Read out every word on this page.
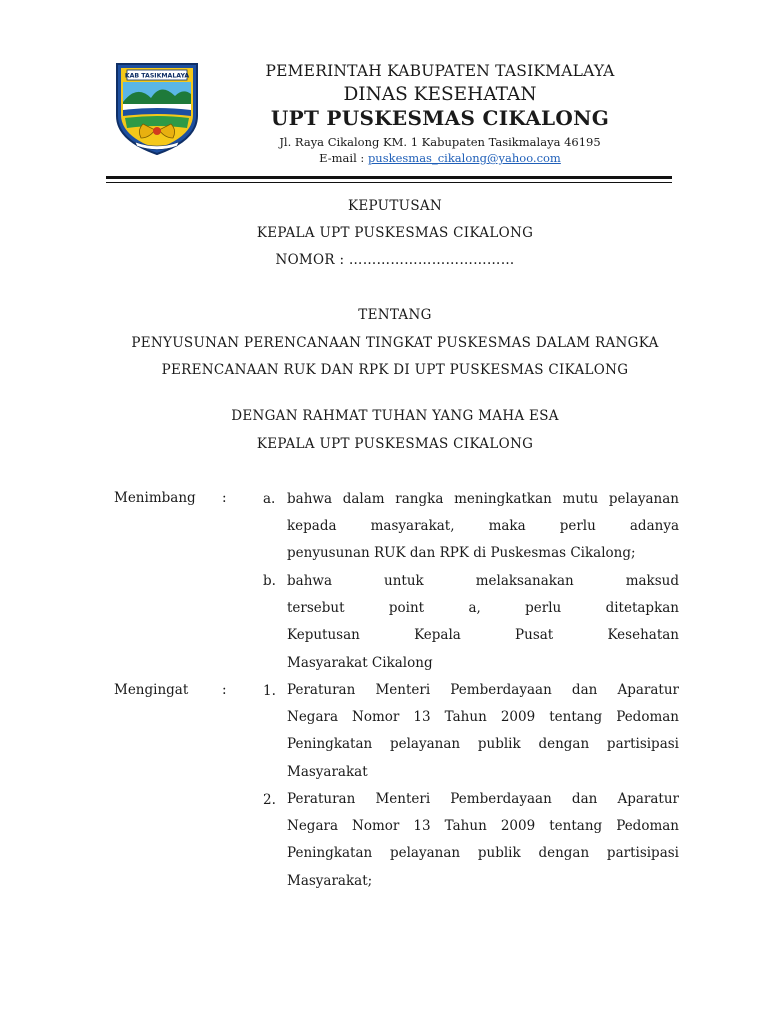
KAB TASIKMALAYA	PEMERINTAH KABUPATEN TASIKMALAYA
DINAS KESEHATAN
UPT PUSKESMAS CIKALONG
Jl. Raya Cikalong KM. 1 Kabupaten Tasikmalaya 46195
E-mail : puskesmas_cikalong@yahoo.com
KEPUTUSAN
KEPALA UPT PUSKESMAS CIKALONG
NOMOR : ………………………………
TENTANG
PENYUSUNAN PERENCANAAN TINGKAT PUSKESMAS DALAM RANGKA
PERENCANAAN RUK DAN RPK DI UPT PUSKESMAS CIKALONG
DENGAN RAHMAT TUHAN YANG MAHA ESA
KEPALA UPT PUSKESMAS CIKALONG
Menimbang :	a. bahwa dalam rangka meningkatkan mutu pelayanan
kepada masyarakat, maka perlu adanya
penyusunan RUK dan RPK di Puskesmas Cikalong;
b. bahwa untuk melaksanakan maksud
tersebut point a, perlu ditetapkan
Keputusan Kepala Pusat Kesehatan
Masyarakat Cikalong
Mengingat :	1. Peraturan Menteri Pemberdayaan dan Aparatur
Negara Nomor 13 Tahun 2009 tentang Pedoman
Peningkatan pelayanan publik dengan partisipasi
Masyarakat
2. Peraturan Menteri Pemberdayaan dan Aparatur
Negara Nomor 13 Tahun 2009 tentang Pedoman
Peningkatan pelayanan publik dengan partisipasi
Masyarakat;
